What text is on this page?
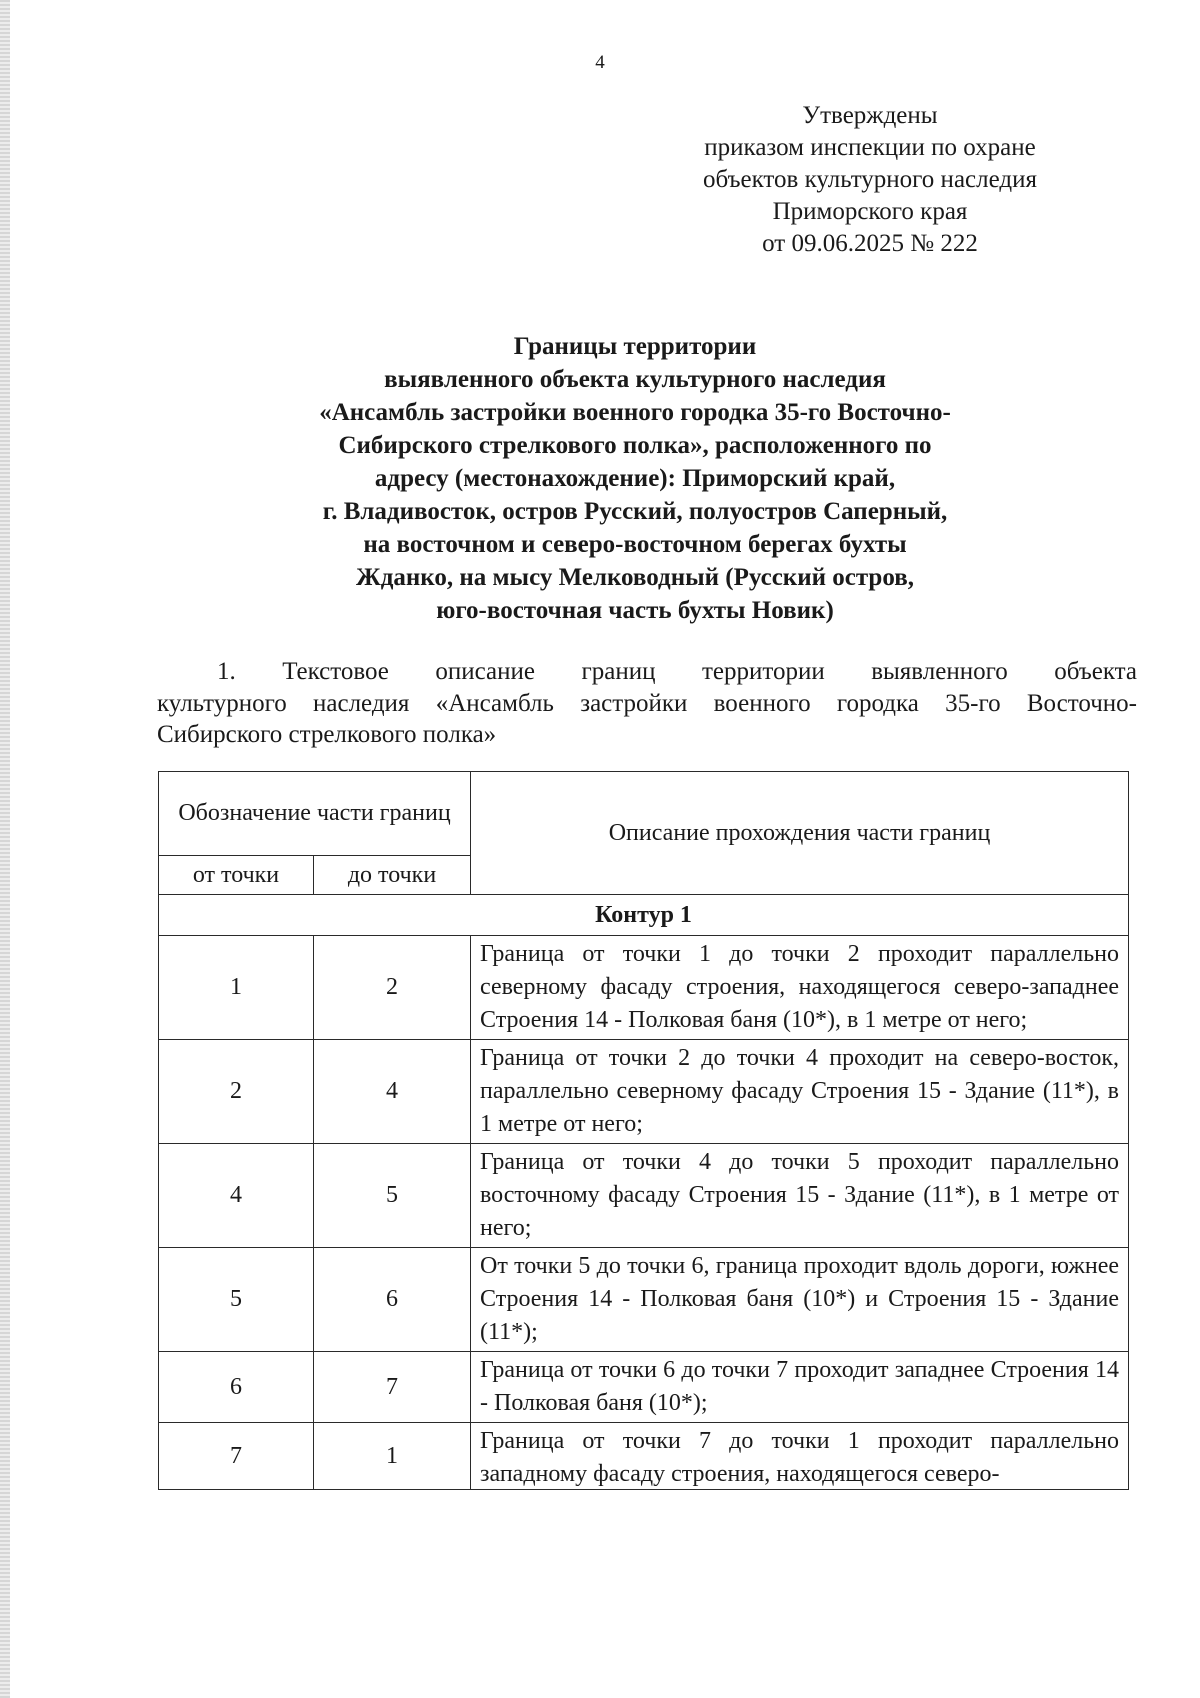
4
Утверждены
приказом инспекции по охране
объектов культурного наследия
Приморского края
от 09.06.2025 № 222
Границы территории
выявленного объекта культурного наследия
«Ансамбль застройки военного городка 35-го Восточно-
Сибирского стрелкового полка», расположенного по
адресу (местонахождение): Приморский край,
г. Владивосток, остров Русский, полуостров Саперный,
на восточном и северо-восточном берегах бухты
Жданко, на мысу Мелководный (Русский остров,
юго-восточная часть бухты Новик)

1. Текстовое описание границ территории выявленного объекта
культурного наследия «Ансамбль застройки военного городка 35-го Восточно-
Сибирского стрелкового полка»

Обозначение части границ		Описание прохождения части границ
от точки	до точки	
Контур 1		
1	2	Граница от точки 1 до точки 2 проходит параллельно северному фасаду строения, находящегося северо-западнее Строения 14 - Полковая баня (10*), в 1 метре от него;
2	4	Граница от точки 2 до точки 4 проходит на северо-восток, параллельно северному фасаду Строения 15 - Здание (11*), в 1 метре от него;
4	5	Граница от точки 4 до точки 5 проходит параллельно восточному фасаду Строения 15 - Здание (11*), в 1 метре от него;
5	6	От точки 5 до точки 6, граница проходит вдоль дороги, южнее Строения 14 - Полковая баня (10*) и Строения 15 - Здание (11*);
6	7	Граница от точки 6 до точки 7 проходит западнее Строения 14 - Полковая баня (10*);
7	1	Граница от точки 7 до точки 1 проходит параллельно западному фасаду строения, находящегося северо-
